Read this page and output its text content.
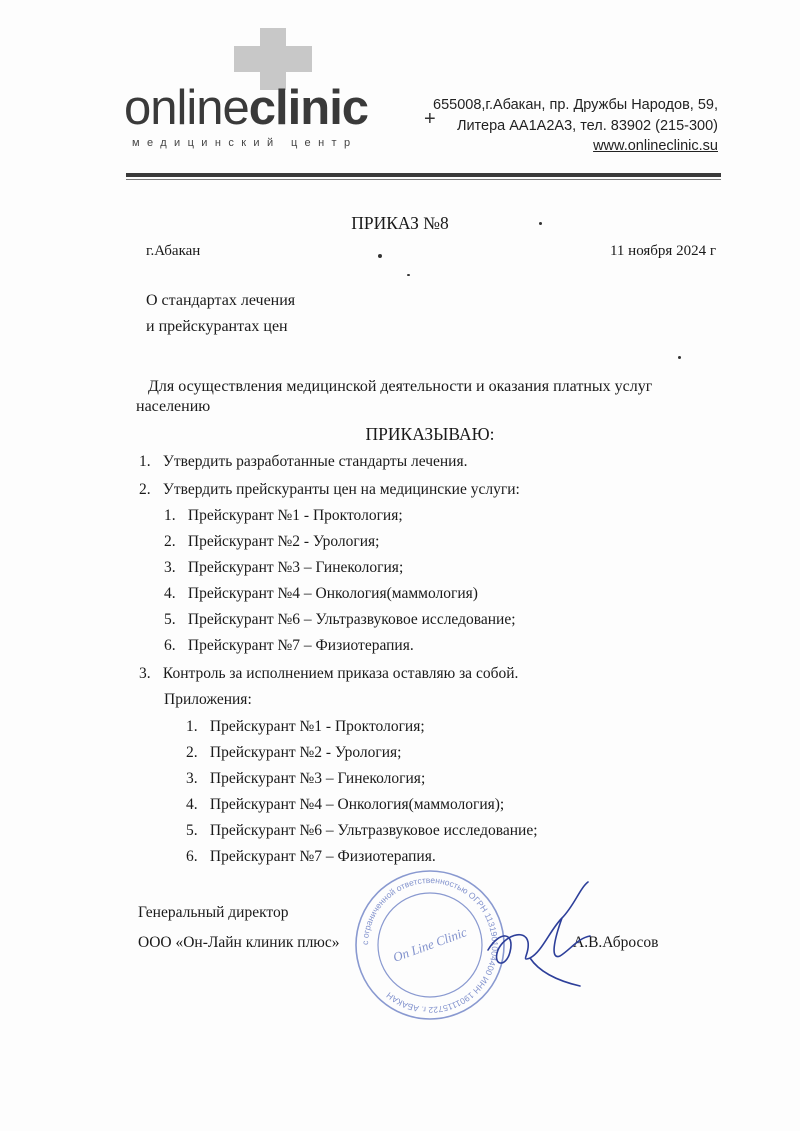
onlineclinic	+
медицинский центр
655008,г.Абакан, пр. Дружбы Народов, 59,
Литера АА1А2А3, тел. 83902 (215-300)
www.onlineclinic.su
ПРИКАЗ №8
г.Абакан	11 ноября 2024 г
О стандартах лечения
и прейскурантах цен
Для осуществления медицинской деятельности и оказания платных услуг
населению
ПРИКАЗЫВАЮ:
1. Утвердить разработанные стандарты лечения.
2. Утвердить прейскуранты цен на медицинские услуги:
1. Прейскурант №1 - Проктология;
2. Прейскурант №2 - Урология;
3. Прейскурант №3 – Гинекология;
4. Прейскурант №4 – Онкология(маммология)
5. Прейскурант №6 – Ультразвуковое исследование;
6. Прейскурант №7 – Физиотерапия.
3. Контроль за исполнением приказа оставляю за собой.
Приложения:
1. Прейскурант №1 - Проктология;
2. Прейскурант №2 - Урология;
3. Прейскурант №3 – Гинекология;
4. Прейскурант №4 – Онкология(маммология);
5. Прейскурант №6 – Ультразвуковое исследование;
6. Прейскурант №7 – Физиотерапия.
Генеральный директор
ООО «Он-Лайн клиник плюс»	А.В.Абросов
с ограниченной ответственностью ОГРН 1131901004400 ИНН 1901115722 г. АБАКАН
On Line Clinic
